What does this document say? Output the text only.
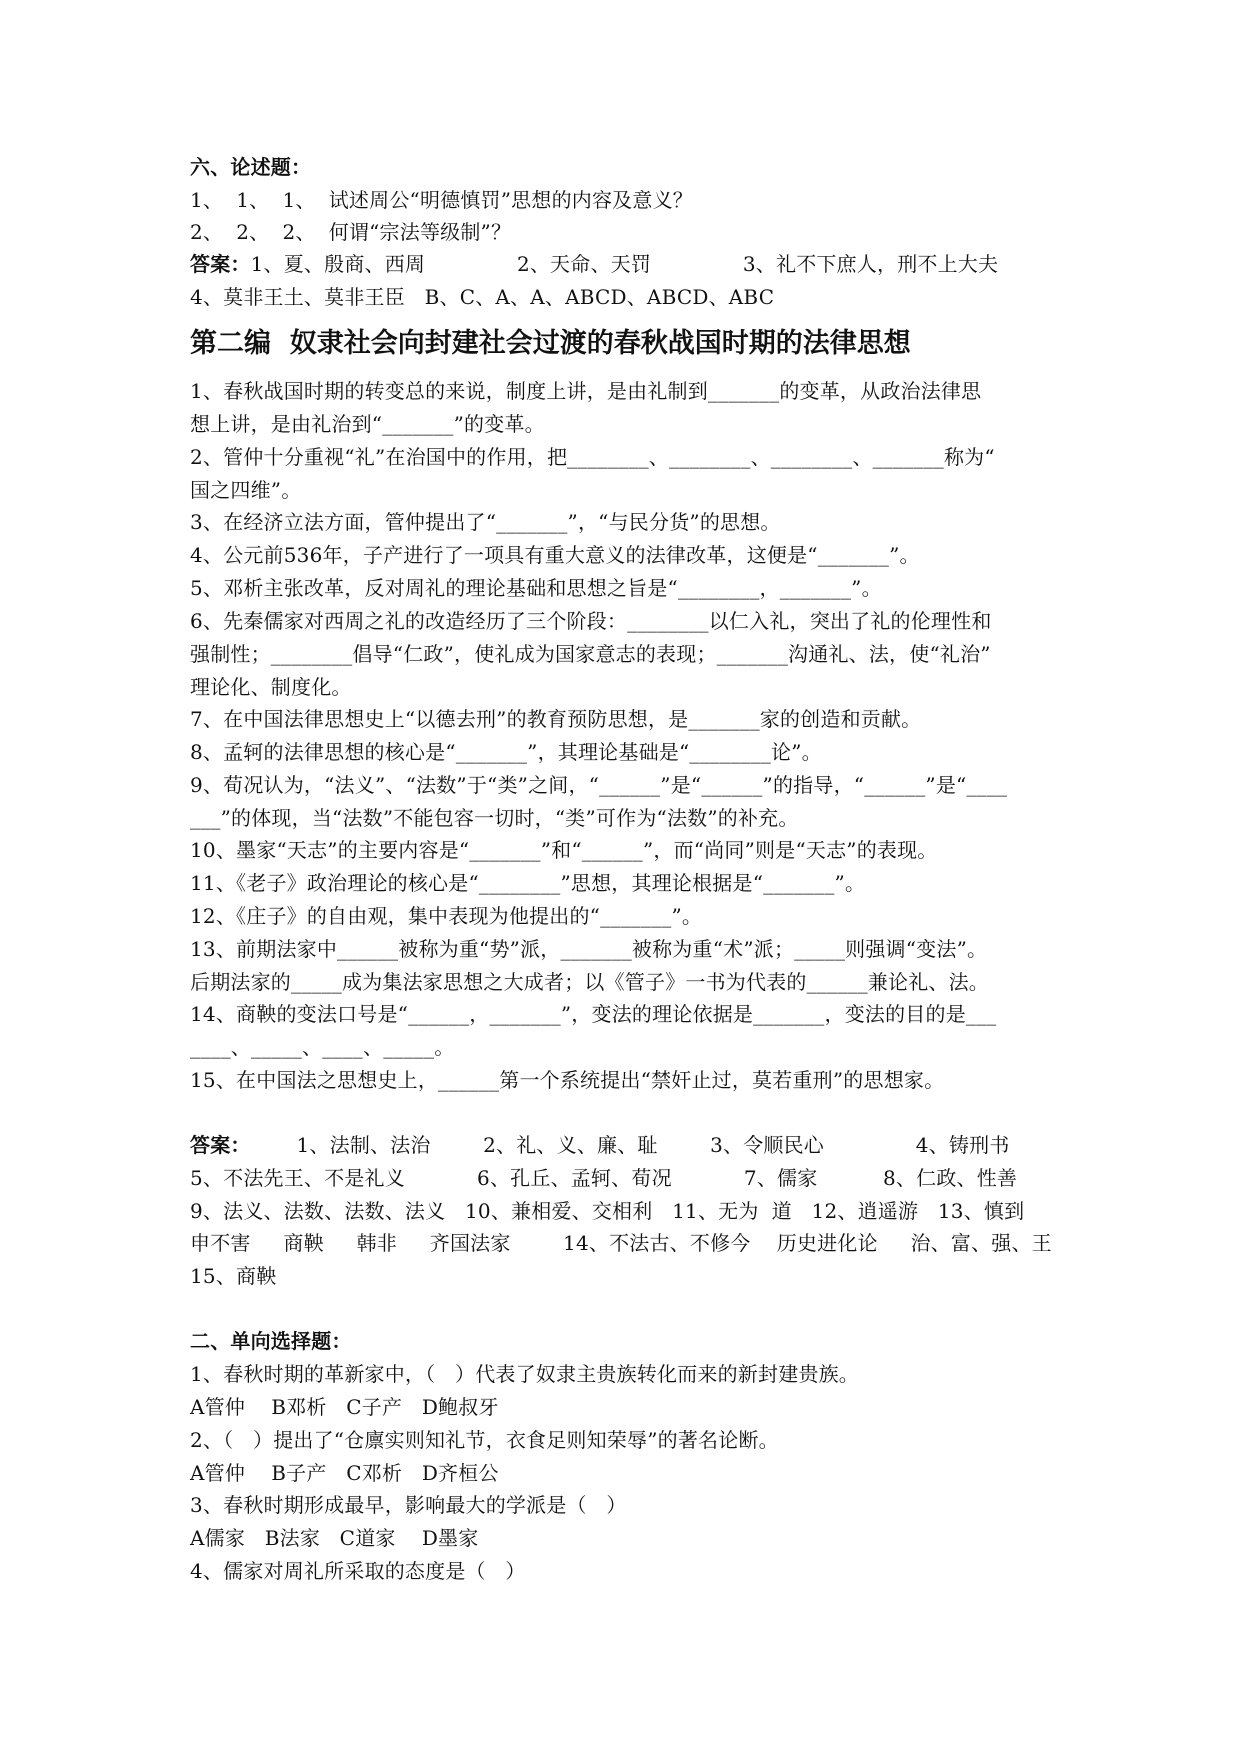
六、论述题：
1、  1、  1、  试述周公“明德慎罚”思想的内容及意义？
2、  2、  2、  何谓“宗法等级制”？
答案：1、夏、殷商、西周              2、天命、天罚              3、礼不下庶人，刑不上大夫
4、莫非王土、莫非王臣   B、C、A、A、ABCD、ABCD、ABC
第二编  奴隶社会向封建社会过渡的春秋战国时期的法律思想
1、春秋战国时期的转变总的来说，制度上讲，是由礼制到_______的变革，从政治法律思
想上讲，是由礼治到“_______”的变革。
2、管仲十分重视“礼”在治国中的作用，把________、________、________、_______称为“
国之四维”。
3、在经济立法方面，管仲提出了“_______”，“与民分货”的思想。
4、公元前536年，子产进行了一项具有重大意义的法律改革，这便是“_______”。
5、邓析主张改革，反对周礼的理论基础和思想之旨是“________，_______”。
6、先秦儒家对西周之礼的改造经历了三个阶段：________以仁入礼，突出了礼的伦理性和
强制性；________倡导“仁政”，使礼成为国家意志的表现；_______沟通礼、法，使“礼治”
理论化、制度化。
7、在中国法律思想史上“以德去刑”的教育预防思想，是_______家的创造和贡献。
8、孟轲的法律思想的核心是“_______”，其理论基础是“________论”。
9、荀况认为，“法义”、“法数”于“类”之间，“______”是“______”的指导，“______”是“____
___”的体现，当“法数”不能包容一切时，“类”可作为“法数”的补充。
10、墨家“天志”的主要内容是“_______”和“______”，而“尚同”则是“天志”的表现。
11、《老子》政治理论的核心是“________”思想，其理论根据是“_______”。
12、《庄子》的自由观，集中表现为他提出的“_______”。
13、前期法家中______被称为重“势”派，_______被称为重“术”派；_____则强调“变法”。
后期法家的_____成为集法家思想之大成者；以《管子》一书为代表的______兼论礼、法。
14、商鞅的变法口号是“______，_______”，变法的理论依据是_______，变法的目的是___
____、_____、____、_____。
15、在中国法之思想史上，______第一个系统提出“禁奸止过，莫若重刑”的思想家。
答案：       1、法制、法治        2、礼、义、廉、耻        3、令顺民心              4、铸刑书
5、不法先王、不是礼义           6、孔丘、孟轲、荀况           7、儒家          8、仁政、性善
9、法义、法数、法数、法义   10、兼相爱、交相利   11、无为  道   12、逍遥游   13、慎到
申不害     商鞅     韩非     齐国法家        14、不法古、不修今    历史进化论     治、富、强、王
15、商鞅
二、单向选择题：
1、春秋时期的革新家中，（   ）代表了奴隶主贵族转化而来的新封建贵族。
A管仲    B邓析   C子产   D鲍叔牙
2、（   ）提出了“仓廪实则知礼节，衣食足则知荣辱”的著名论断。
A管仲    B子产   C邓析   D齐桓公
3、春秋时期形成最早，影响最大的学派是（   ）
A儒家   B法家   C道家    D墨家
4、儒家对周礼所采取的态度是（   ）
